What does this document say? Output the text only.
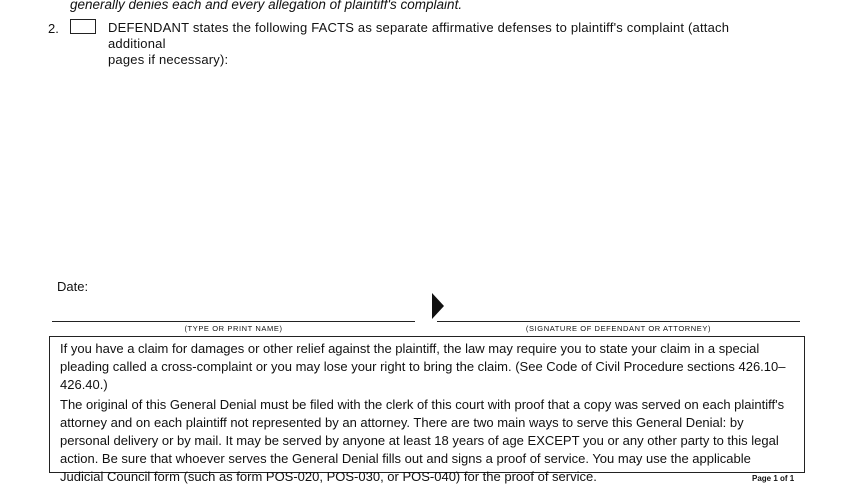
generally denies each and every allegation of plaintiff's complaint.
2.	DEFENDANT states the following FACTS as separate affirmative defenses to plaintiff's complaint (attach additional
pages if necessary):
Date:
(TYPE OR PRINT NAME)	(SIGNATURE OF DEFENDANT OR ATTORNEY)

If you have a claim for damages or other relief against the plaintiff, the law may require you to state your claim in a special pleading called a cross-complaint or you may lose your right to bring the claim. (See Code of Civil Procedure sections 426.10–426.40.)

The original of this General Denial must be filed with the clerk of this court with proof that a copy was served on each plaintiff's attorney and on each plaintiff not represented by an attorney. There are two main ways to serve this General Denial: by personal delivery or by mail. It may be served by anyone at least 18 years of age EXCEPT you or any other party to this legal action. Be sure that whoever serves the General Denial fills out and signs a proof of service. You may use the applicable Judicial Council form (such as form POS-020, POS-030, or POS-040) for the proof of service.	Page 1 of 1
